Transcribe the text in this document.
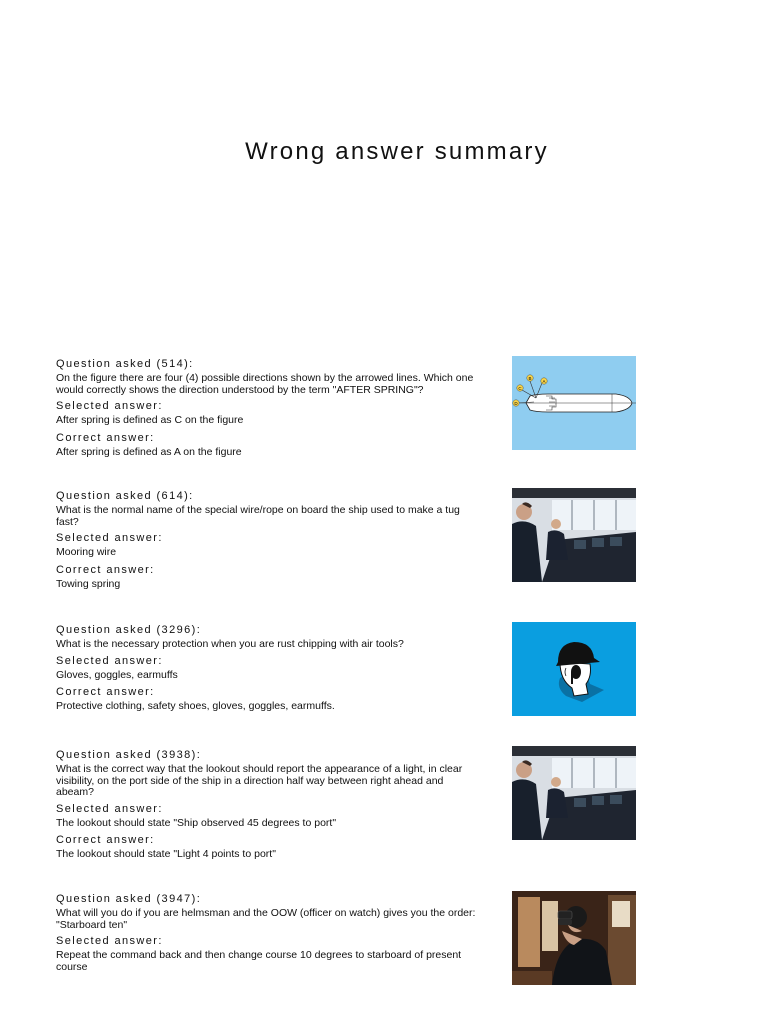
Wrong answer summary
Question asked (514):
On the figure there are four (4) possible directions shown by the arrowed lines. Which one would correctly shows the direction understood by the term "AFTER SPRING"?
Selected answer:
After spring is defined as C on the figure
Correct answer:
After spring is defined as A on the figure
B
A
C
D
Question asked (614):
What is the normal name of the special wire/rope on board the ship used to make a tug fast?
Selected answer:
Mooring wire
Correct answer:
Towing spring
Question asked (3296):
What is the necessary protection when you are rust chipping with air tools?
Selected answer:
Gloves, goggles, earmuffs
Correct answer:
Protective clothing, safety shoes, gloves, goggles, earmuffs.
Question asked (3938):
What is the correct way that the lookout should report the appearance of a light, in clear visibility, on the port side of the ship in a direction half way between right ahead and abeam?
Selected answer:
The lookout should state "Ship observed 45 degrees to port"
Correct answer:
The lookout should state "Light 4 points to port"
Question asked (3947):
What will you do if you are helmsman and the OOW (officer on watch) gives you the order: "Starboard ten"
Selected answer:
Repeat the command back and then change course 10 degrees to starboard of present course
